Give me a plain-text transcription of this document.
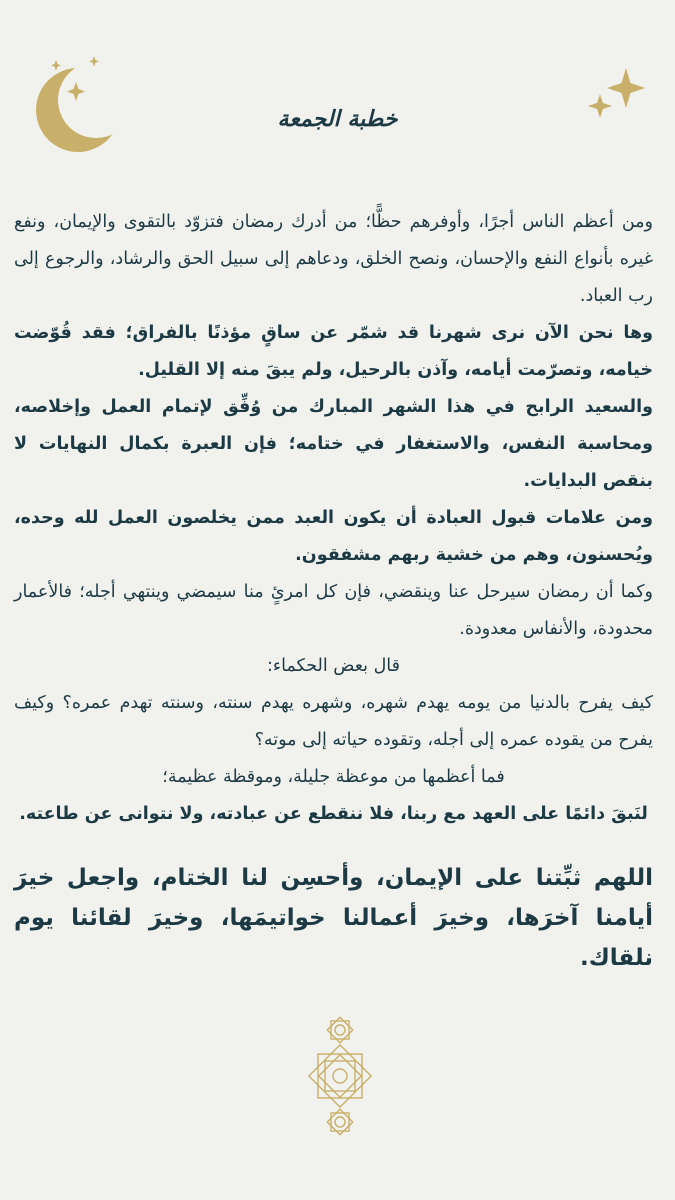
خطبة الجمعة

ومن أعظم الناس أجرًا، وأوفرهم حظًّا؛ من أدرك رمضان فتزوّد بالتقوى والإيمان، ونفع غيره بأنواع النفع والإحسان، ونصح الخلق، ودعاهم إلى سبيل الحق والرشاد، والرجوع إلى رب العباد.

وها نحن الآن نرى شهرنا قد شمّر عن ساقٍ مؤذنًا بالفراق؛ فقد قُوّضت خيامه، وتصرّمت أيامه، وآذن بالرحيل، ولم يبقَ منه إلا القليل.

والسعيد الرابح في هذا الشهر المبارك من وُفِّق لإتمام العمل وإخلاصه، ومحاسبة النفس، والاستغفار في ختامه؛ فإن العبرة بكمال النهايات لا بنقص البدايات.

ومن علامات قبول العبادة أن يكون العبد ممن يخلصون العمل لله وحده، ويُحسنون، وهم من خشية ربهم مشفقون.

وكما أن رمضان سيرحل عنا وينقضي، فإن كل امرئٍ منا سيمضي وينتهي أجله؛ فالأعمار محدودة، والأنفاس معدودة.

قال بعض الحكماء:

كيف يفرح بالدنيا من يومه يهدم شهره، وشهره يهدم سنته، وسنته تهدم عمره؟ وكيف يفرح من يقوده عمره إلى أجله، وتقوده حياته إلى موته؟

فما أعظمها من موعظة جليلة، وموقظة عظيمة؛

لنَبقَ دائمًا على العهد مع ربنا، فلا ننقطع عن عبادته، ولا نتوانى عن طاعته.

اللهم ثبِّتنا على الإيمان، وأحسِن لنا الختام، واجعل خيرَ أيامنا آخرَها، وخيرَ أعمالنا خواتيمَها، وخيرَ لقائنا يوم نلقاك.
